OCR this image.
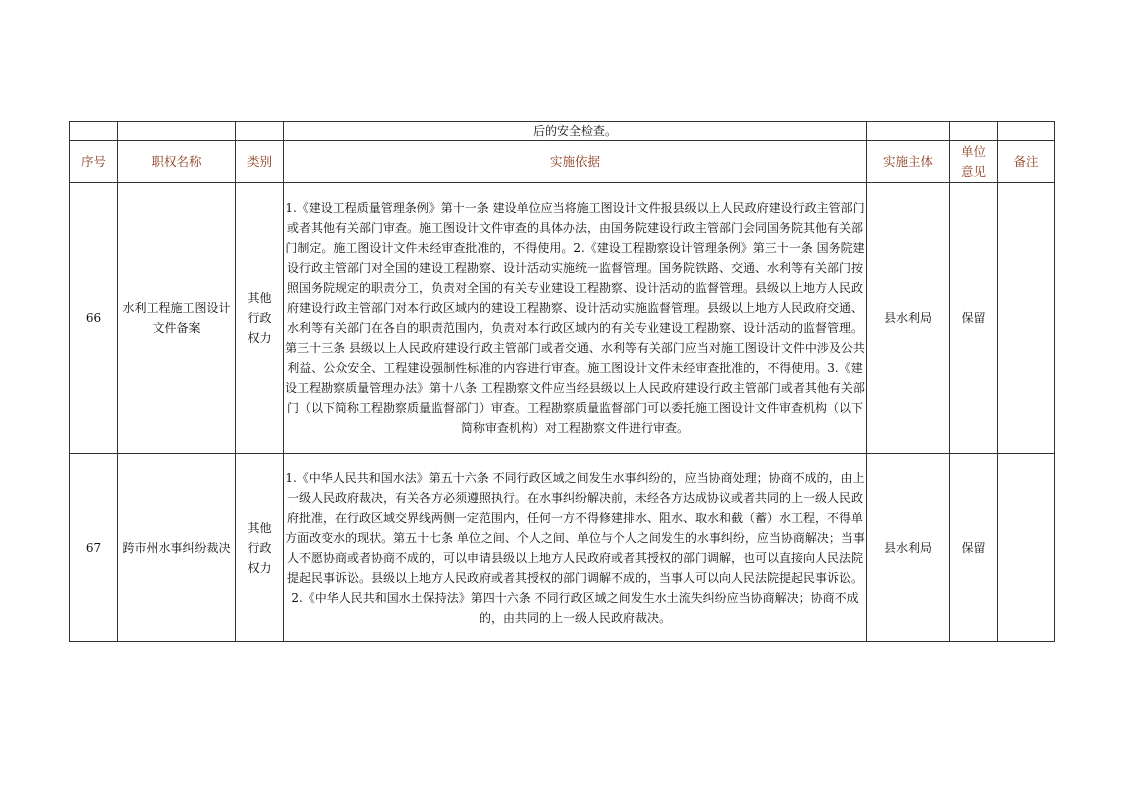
			后的安全检查。			
序号	职权名称	类别	实施依据	实施主体	单位意见	备注
66	水利工程施工图设计文件备案	其他行政权力	1.《建设工程质量管理条例》第十一条 建设单位应当将施工图设计文件报县级以上人民政府建设行政主管部门或者其他有关部门审查。施工图设计文件审查的具体办法，由国务院建设行政主管部门会同国务院其他有关部门制定。施工图设计文件未经审查批准的，不得使用。2.《建设工程勘察设计管理条例》第三十一条 国务院建设行政主管部门对全国的建设工程勘察、设计活动实施统一监督管理。国务院铁路、交通、水利等有关部门按照国务院规定的职责分工，负责对全国的有关专业建设工程勘察、设计活动的监督管理。县级以上地方人民政府建设行政主管部门对本行政区域内的建设工程勘察、设计活动实施监督管理。县级以上地方人民政府交通、水利等有关部门在各自的职责范围内，负责对本行政区域内的有关专业建设工程勘察、设计活动的监督管理。第三十三条 县级以上人民政府建设行政主管部门或者交通、水利等有关部门应当对施工图设计文件中涉及公共利益、公众安全、工程建设强制性标准的内容进行审查。施工图设计文件未经审查批准的，不得使用。3.《建设工程勘察质量管理办法》第十八条 工程勘察文件应当经县级以上人民政府建设行政主管部门或者其他有关部门（以下简称工程勘察质量监督部门）审查。工程勘察质量监督部门可以委托施工图设计文件审查机构（以下简称审查机构）对工程勘察文件进行审查。	县水利局	保留	
67	跨市州水事纠纷裁决	其他行政权力	1.《中华人民共和国水法》第五十六条 不同行政区域之间发生水事纠纷的，应当协商处理；协商不成的，由上一级人民政府裁决，有关各方必须遵照执行。在水事纠纷解决前，未经各方达成协议或者共同的上一级人民政府批准，在行政区域交界线两侧一定范围内，任何一方不得修建排水、阻水、取水和截（蓄）水工程，不得单方面改变水的现状。第五十七条 单位之间、个人之间、单位与个人之间发生的水事纠纷，应当协商解决；当事人不愿协商或者协商不成的，可以申请县级以上地方人民政府或者其授权的部门调解，也可以直接向人民法院提起民事诉讼。县级以上地方人民政府或者其授权的部门调解不成的，当事人可以向人民法院提起民事诉讼。 2.《中华人民共和国水土保持法》第四十六条 不同行政区域之间发生水土流失纠纷应当协商解决；协商不成的，由共同的上一级人民政府裁决。	县水利局	保留	
